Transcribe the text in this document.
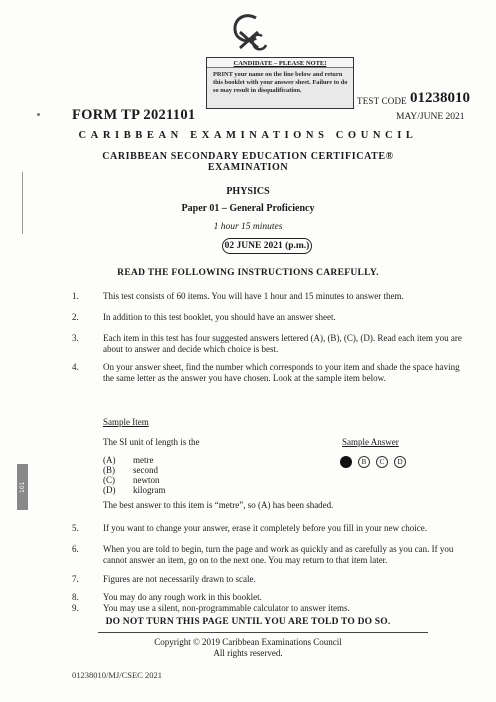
CANDIDATE – PLEASE NOTE!
PRINT your name on the line below and return this booklet with your answer sheet. Failure to do so may result in disqualification.
FORM TP 2021101
TEST CODE 01238010
MAY/JUNE 2021
CARIBBEAN EXAMINATIONS COUNCIL
CARIBBEAN SECONDARY EDUCATION CERTIFICATE®
EXAMINATION
PHYSICS
Paper 01 – General Proficiency
1 hour 15 minutes
02 JUNE 2021 (p.m.)
READ THE FOLLOWING INSTRUCTIONS CAREFULLY.
1.	This test consists of 60 items. You will have 1 hour and 15 minutes to answer them.
2.	In addition to this test booklet, you should have an answer sheet.
3.	Each item in this test has four suggested answers lettered (A), (B), (C), (D). Read each item you are about to answer and decide which choice is best.
4.	On your answer sheet, find the number which corresponds to your item and shade the space having the same letter as the answer you have chosen. Look at the sample item below.
Sample Item
The SI unit of length is the	Sample Answer
(A) metre
(B) second
(C) newton
(D) kilogram
B	C	D
The best answer to this item is “metre”, so (A) has been shaded.
5.	If you want to change your answer, erase it completely before you fill in your new choice.
6.	When you are told to begin, turn the page and work as quickly and as carefully as you can. If you cannot answer an item, go on to the next one. You may return to that item later.
7.	Figures are not necessarily drawn to scale.
8.	You may do any rough work in this booklet.
DO NOT TURN THIS PAGE UNTIL YOU ARE TOLD TO DO SO.
Copyright © 2019 Caribbean Examinations Council
All rights reserved.
01238010/MJ/CSEC 2021
101
9.	You may use a silent, non-programmable calculator to answer items.
